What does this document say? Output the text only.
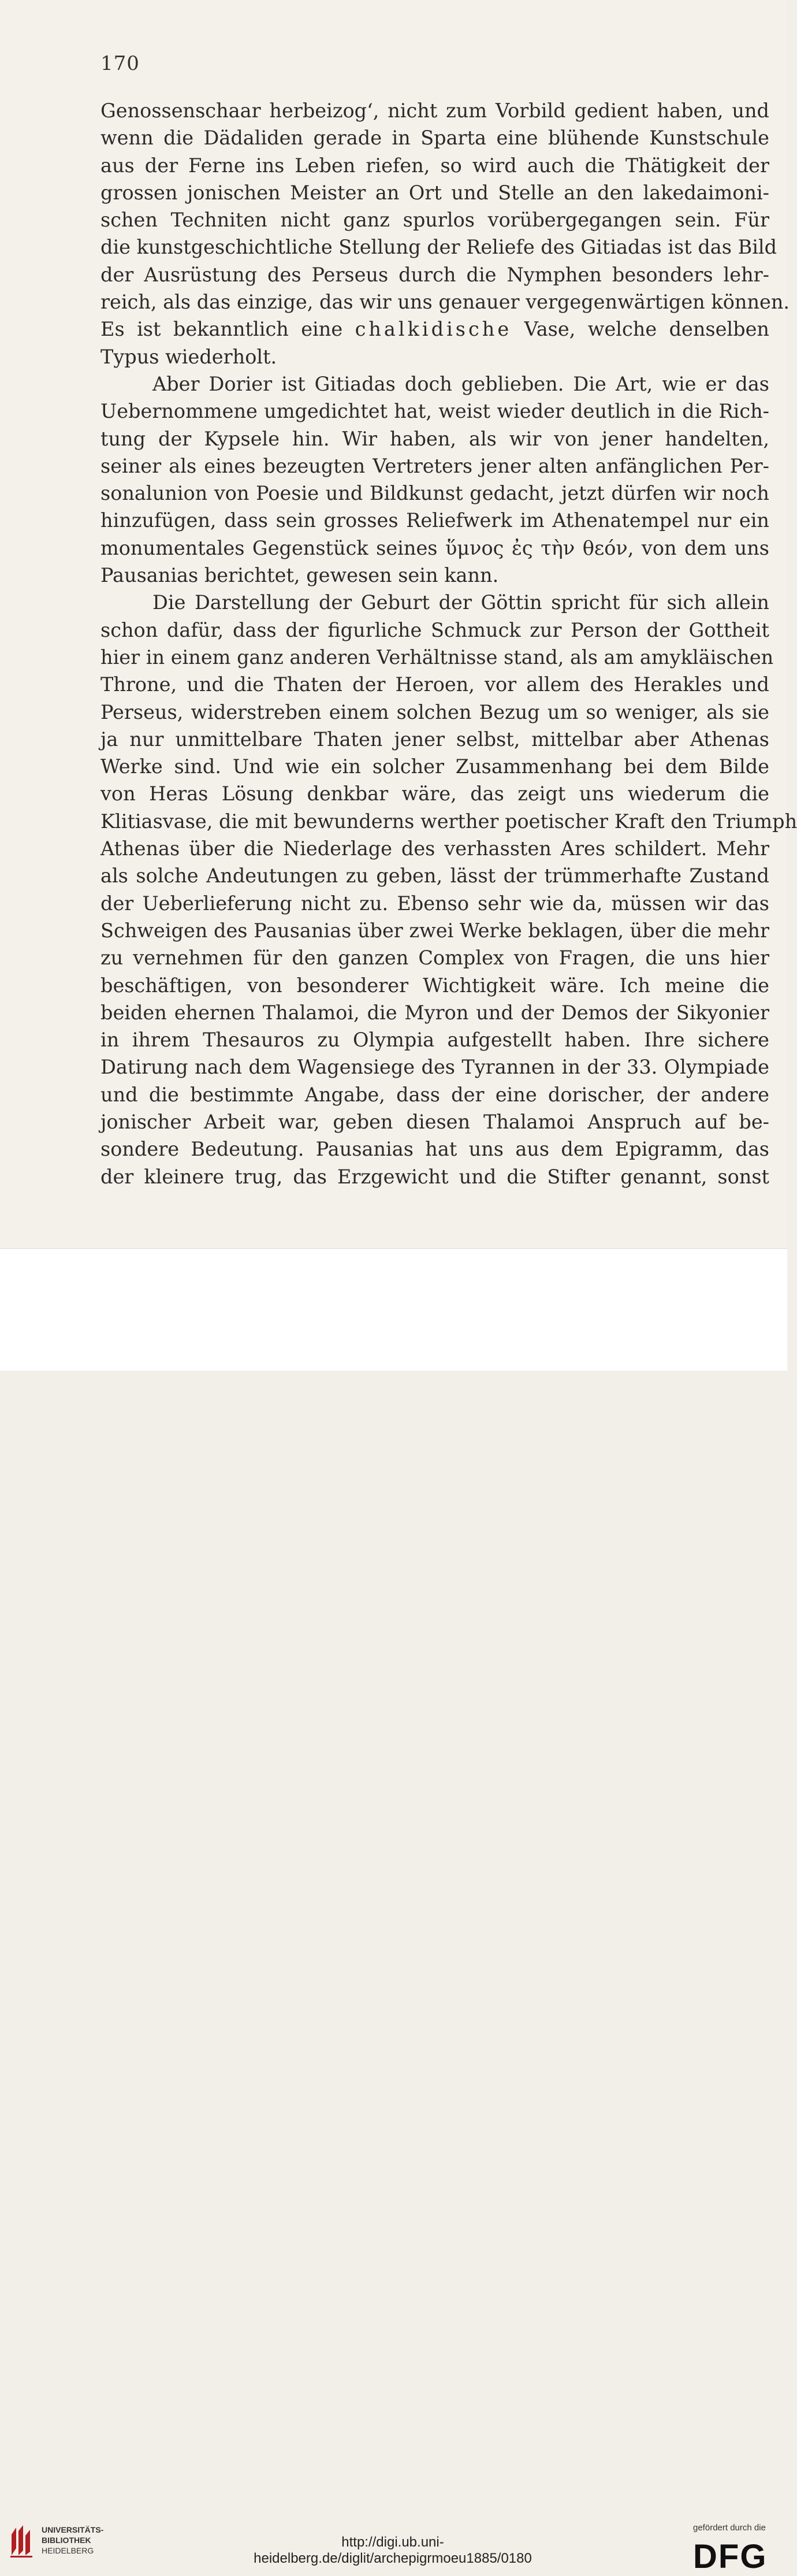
170
Genossenschaar herbeizog‘, nicht zum Vorbild gedient haben, und
wenn die Dädaliden gerade in Sparta eine blühende Kunstschule
aus der Ferne ins Leben riefen, so wird auch die Thätigkeit der
grossen jonischen Meister an Ort und Stelle an den lakedaimoni-
schen Techniten nicht ganz spurlos vorübergegangen sein. Für
die kunstgeschichtliche Stellung der Reliefe des Gitiadas ist das Bild
der Ausrüstung des Perseus durch die Nymphen besonders lehr-
reich, als das einzige, das wir uns genauer vergegenwärtigen können.
Es ist bekanntlich eine chalkidische Vase, welche denselben
Typus wiederholt.
Aber Dorier ist Gitiadas doch geblieben. Die Art, wie er das
Uebernommene umgedichtet hat, weist wieder deutlich in die Rich-
tung der Kypsele hin. Wir haben, als wir von jener handelten,
seiner als eines bezeugten Vertreters jener alten anfänglichen Per-
sonalunion von Poesie und Bildkunst gedacht, jetzt dürfen wir noch
hinzufügen, dass sein grosses Reliefwerk im Athenatempel nur ein
monumentales Gegenstück seines ὕμνος ἐς τὴν θεόν, von dem uns
Pausanias berichtet, gewesen sein kann.
Die Darstellung der Geburt der Göttin spricht für sich allein
schon dafür, dass der figurliche Schmuck zur Person der Gottheit
hier in einem ganz anderen Verhältnisse stand, als am amykläischen
Throne, und die Thaten der Heroen, vor allem des Herakles und
Perseus, widerstreben einem solchen Bezug um so weniger, als sie
ja nur unmittelbare Thaten jener selbst, mittelbar aber Athenas
Werke sind. Und wie ein solcher Zusammenhang bei dem Bilde
von Heras Lösung denkbar wäre, das zeigt uns wiederum die
Klitiasvase, die mit bewunderns werther poetischer Kraft den Triumph
Athenas über die Niederlage des verhassten Ares schildert. Mehr
als solche Andeutungen zu geben, lässt der trümmerhafte Zustand
der Ueberlieferung nicht zu. Ebenso sehr wie da, müssen wir das
Schweigen des Pausanias über zwei Werke beklagen, über die mehr
zu vernehmen für den ganzen Complex von Fragen, die uns hier
beschäftigen, von besonderer Wichtigkeit wäre. Ich meine die
beiden ehernen Thalamoi, die Myron und der Demos der Sikyonier
in ihrem Thesauros zu Olympia aufgestellt haben. Ihre sichere
Datirung nach dem Wagensiege des Tyrannen in der 33. Olympiade
und die bestimmte Angabe, dass der eine dorischer, der andere
jonischer Arbeit war, geben diesen Thalamoi Anspruch auf be-
sondere Bedeutung. Pausanias hat uns aus dem Epigramm, das
der kleinere trug, das Erzgewicht und die Stifter genannt, sonst
UNIVERSITÄTS-
BIBLIOTHEK
HEIDELBERG
http://digi.ub.uni-heidelberg.de/diglit/archepigrmoeu1885/0180
gefördert durch die
DFG
